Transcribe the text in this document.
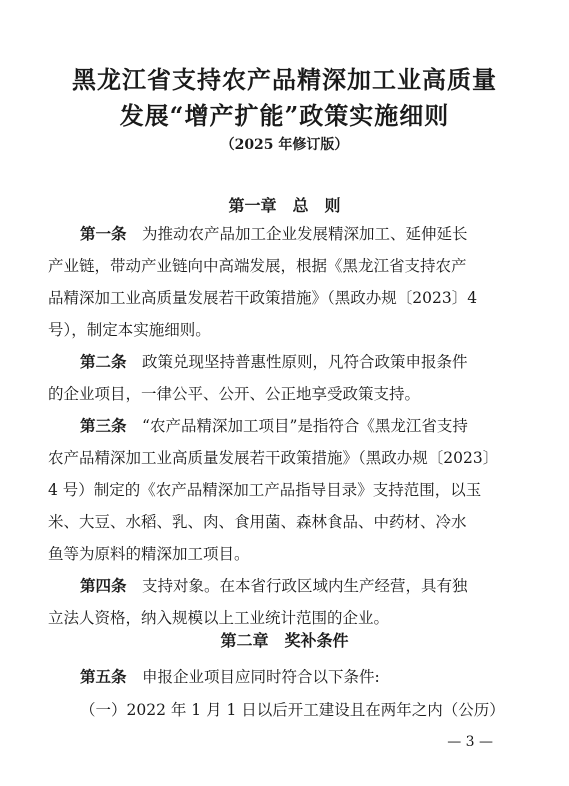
黑龙江省支持农产品精深加工业高质量
发展“增产扩能”政策实施细则
（2025 年修订版）
第一章　总　则
第一条　 为推动农产品加工企业发展精深加工、延伸延长
产业链，带动产业链向中高端发展，根据《黑龙江省支持农产
品精深加工业高质量发展若干政策措施》（黑政办规〔2023〕4
号），制定本实施细则。
第二条　 政策兑现坚持普惠性原则，凡符合政策申报条件
的企业项目，一律公平、公开、公正地享受政策支持。
第三条　 “农产品精深加工项目”是指符合《黑龙江省支持
农产品精深加工业高质量发展若干政策措施》（黑政办规〔2023〕
4 号）制定的《农产品精深加工产品指导目录》支持范围，以玉
米、大豆、水稻、乳、肉、食用菌、森林食品、中药材、冷水
鱼等为原料的精深加工项目。
第四条　 支持对象。在本省行政区域内生产经营，具有独
立法人资格，纳入规模以上工业统计范围的企业。
第二章　奖补条件
第五条　 申报企业项目应同时符合以下条件:
（一）2022 年 1 月 1 日以后开工建设且在两年之内（公历）
— 3 —
